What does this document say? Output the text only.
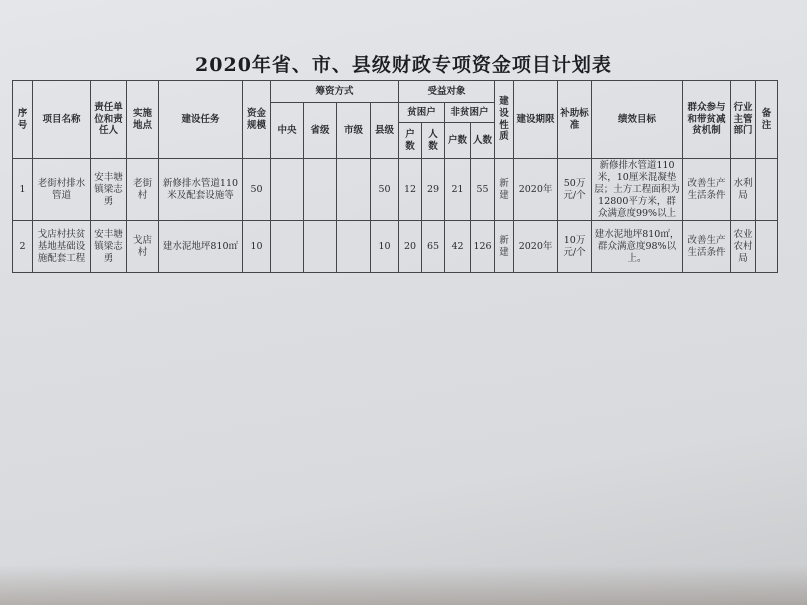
2020年省、市、县级财政专项资金项目计划表
序号	项目名称	责任单位和责任人	实施地点	建设任务	资金规模	筹资方式				受益对象				建设性质	建设期限	补助标准	绩效目标	群众参与和带贫减贫机制	行业主管部门	备注
						中央	省级	市级	县级	贫困户		非贫困户								
										户数	人数	户数	人数							
1	老街村排水管道	安丰塘镇梁志勇	老街村	新修排水管道110米及配套设施等	50				50	12	29	21	55	新建	2020年	50万元/个	新修排水管道110米，10厘米混凝垫层；土方工程面积为12800平方米，群众满意度99%以上	改善生产生活条件	水利局	
2	戈店村扶贫基地基础设施配套工程	安丰塘镇梁志勇	戈店村	建水泥地坪810㎡	10				10	20	65	42	126	新建	2020年	10万元/个	建水泥地坪810㎡，群众满意度98%以上。	改善生产生活条件	农业农村局	
